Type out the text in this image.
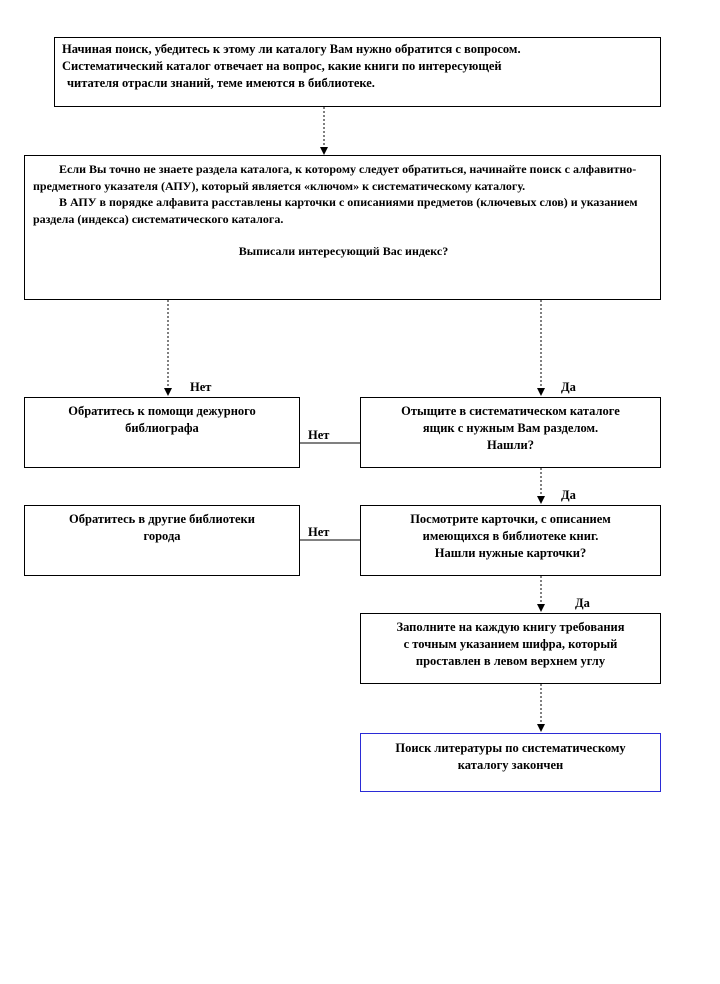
Начиная поиск, убедитесь к этому ли каталогу Вам нужно обратится с вопросом.

Систематический каталог отвечает на вопрос, какие книги по интересующей

читателя отрасли знаний, теме имеются в библиотеке.

Если Вы точно не знаете раздела каталога, к которому следует обратиться, начинайте поиск с алфавитно-предметного указателя (АПУ), который является «ключом» к систематическому каталогу.

В АПУ в порядке алфавита расставлены карточки с описаниями предметов (ключевых слов) и указанием раздела (индекса) систематического каталога.

Выписали интересующий Вас индекс?

Обратитесь к помощи дежурного библиографа

Отыщите в систематическом каталоге

ящик с нужным Вам разделом.

Нашли?

Обратитесь в другие библиотеки города

Посмотрите карточки, с описанием

имеющихся в библиотеке книг.

Нашли нужные карточки?

Заполните на каждую книгу требования

с точным указанием шифра, который

проставлен в левом верхнем углу

Поиск литературы по систематическому каталогу закончен

Нет	Да
Нет
Да
Нет
Да
